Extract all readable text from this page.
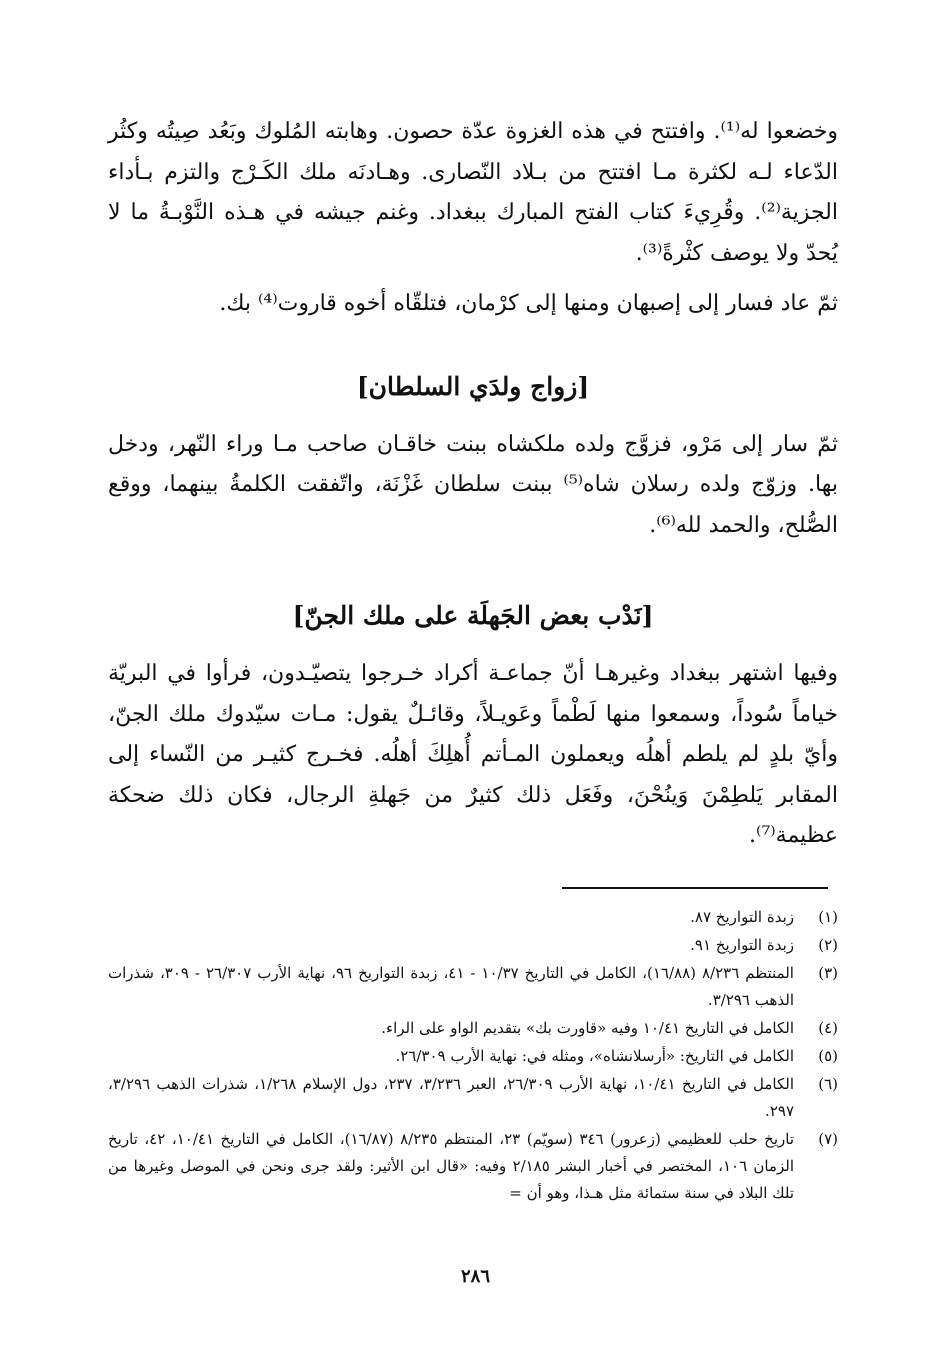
وخضعوا له⁽¹⁾. وافتتح في هذه الغزوة عدّة حصون. وهابته المُلوك وبَعُد صِيتُه وكثُر الدّعاء لـه لكثرة مـا افتتح من بـلاد النّصارى. وهـادنَه ملك الكَـرْج والتزم بـأداء الجزية⁽²⁾. وقُرِيءَ كتاب الفتح المبارك ببغداد. وغنم جيشه في هـذه النَّوْبـةُ ما لا يُحدّ ولا يوصف كثْرةً⁽³⁾.

ثمّ عاد فسار إلى إصبهان ومنها إلى كرْمان، فتلقّاه أخوه قاروت⁽⁴⁾ بك.

[زواج ولدَي السلطان]

ثمّ سار إلى مَرْو، فزوَّج ولده ملكشاه ببنت خاقـان صاحب مـا وراء النّهر، ودخل بها. وزوّج ولده رسلان شاه⁽⁵⁾ ببنت سلطان غَزْنَة، واتّفقت الكلمةُ بينهما، ووقع الصُّلح، والحمد لله⁽⁶⁾.

[نَدْب بعض الجَهلَة على ملك الجنّ]

وفيها اشتهر ببغداد وغيرهـا أنّ جماعـة أكراد خـرجوا يتصيّـدون، فرأوا في البريّة خياماً سُوداً، وسمعوا منها لَطْماً وعَويـلاً، وقائـلٌ يقول: مـات سيّدوك ملك الجنّ، وأيّ بلدٍ لم يلطم أهلُه ويعملون المـأتم أُهلِكَ أهلُه. فخـرج كثيـر من النّساء إلى المقابر يَلطِمْنَ وَينُحْنَ، وفَعَل ذلك كثيرٌ من جَهلةِ الرجال، فكان ذلك ضحكة عظيمة⁽⁷⁾.

(١)
زبدة التواريخ ٨٧.
(٢)
زبدة التواريخ ٩١.
(٣)
المنتظم ٨/٢٣٦ (١٦/٨٨)، الكامل في التاريخ ١٠/٣٧ - ٤١، زبدة التواريخ ٩٦، نهاية الأرب ٢٦/٣٠٧ - ٣٠٩، شذرات الذهب ٣/٢٩٦.
(٤)
الكامل في التاريخ ١٠/٤١ وفيه «قاورت بك» بتقديم الواو على الراء.
(٥)
الكامل في التاريخ: «أرسلانشاه»، ومثله في: نهاية الأرب ٢٦/٣٠٩.
(٦)
الكامل في التاريخ ١٠/٤١، نهاية الأرب ٢٦/٣٠٩، العبر ٣/٢٣٦، ٢٣٧، دول الإسلام ١/٢٦٨، شذرات الذهب ٣/٢٩٦، ٢٩٧.
(٧)
تاريخ حلب للعظيمي (زعرور) ٣٤٦ (سويّم) ٢٣، المنتظم ٨/٢٣٥ (١٦/٨٧)، الكامل في التاريخ ١٠/٤١، ٤٢، تاريخ الزمان ١٠٦، المختصر في أخبار البشر ٢/١٨٥ وفيه: «قال ابن الأثير: ولقد جرى ونحن في الموصل وغيرها من تلك البلاد في سنة ستمائة مثل هـذا، وهو أن =
٢٨٦
